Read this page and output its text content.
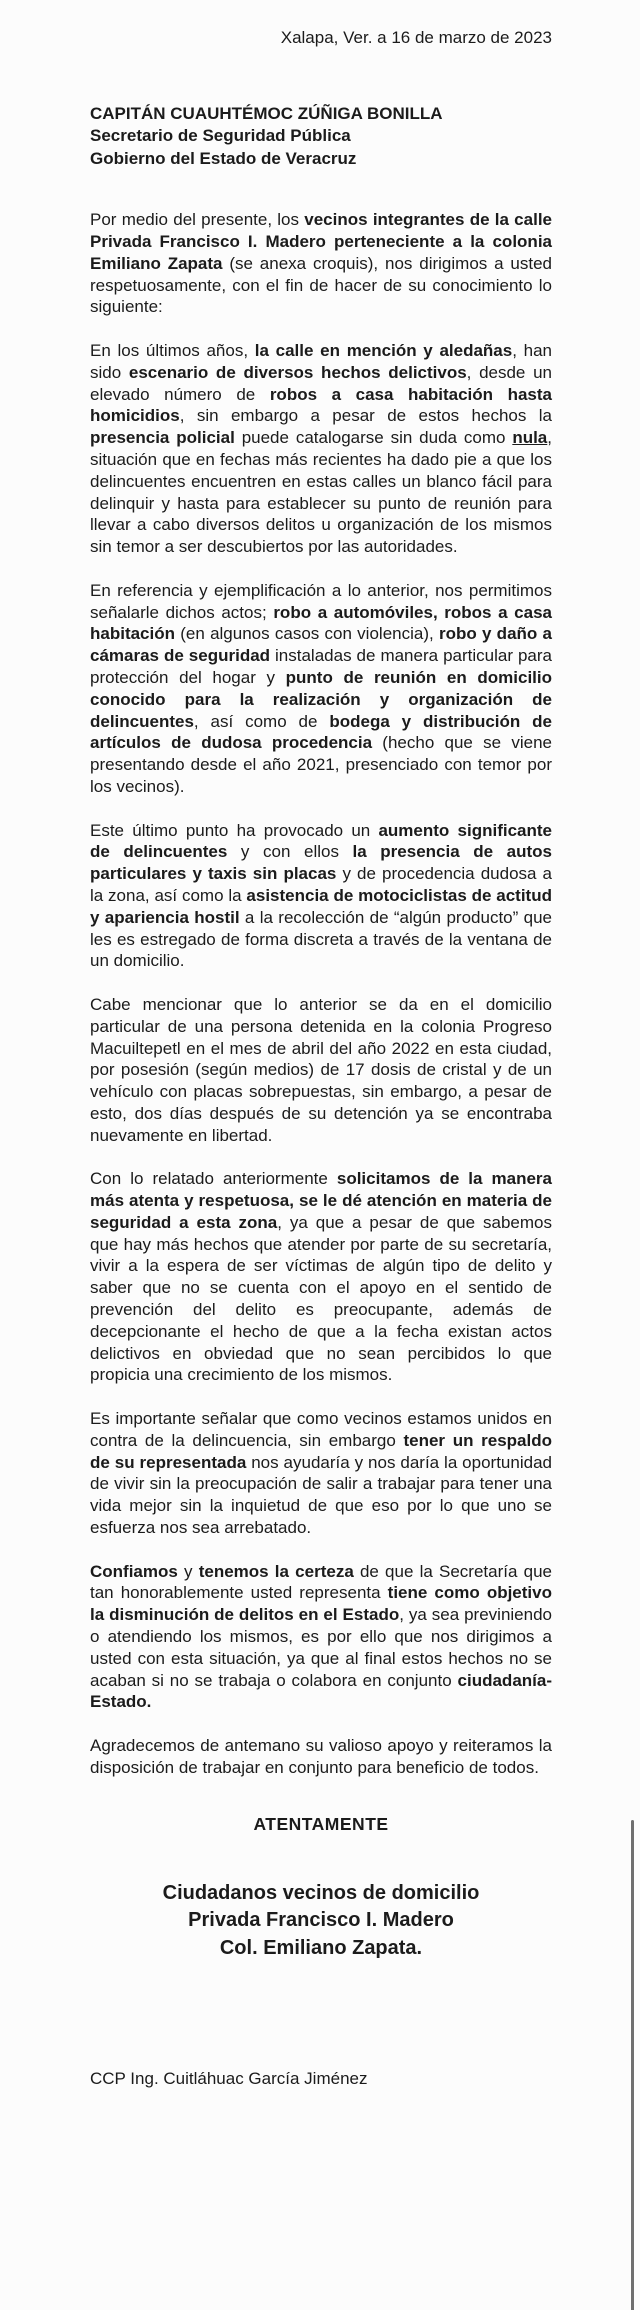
Xalapa, Ver. a 16 de marzo de 2023
CAPITÁN CUAUHTÉMOC ZÚÑIGA BONILLA
Secretario de Seguridad Pública
Gobierno del Estado de Veracruz

Por medio del presente, los vecinos integrantes de la calle Privada Francisco I. Madero perteneciente a la colonia Emiliano Zapata (se anexa croquis), nos dirigimos a usted respetuosamente, con el fin de hacer de su conocimiento lo siguiente:

En los últimos años, la calle en mención y aledañas, han sido escenario de diversos hechos delictivos, desde un elevado número de robos a casa habitación hasta homicidios, sin embargo a pesar de estos hechos la presencia policial puede catalogarse sin duda como nula, situación que en fechas más recientes ha dado pie a que los delincuentes encuentren en estas calles un blanco fácil para delinquir y hasta para establecer su punto de reunión para llevar a cabo diversos delitos u organización de los mismos sin temor a ser descubiertos por las autoridades.

En referencia y ejemplificación a lo anterior, nos permitimos señalarle dichos actos; robo a automóviles, robos a casa habitación (en algunos casos con violencia), robo y daño a cámaras de seguridad instaladas de manera particular para protección del hogar y punto de reunión en domicilio conocido para la realización y organización de delincuentes, así como de bodega y distribución de artículos de dudosa procedencia (hecho que se viene presentando desde el año 2021, presenciado con temor por los vecinos).

Este último punto ha provocado un aumento significante de delincuentes y con ellos la presencia de autos particulares y taxis sin placas y de procedencia dudosa a la zona, así como la asistencia de motociclistas de actitud y apariencia hostil a la recolección de “algún producto” que les es estregado de forma discreta a través de la ventana de un domicilio.

Cabe mencionar que lo anterior se da en el domicilio particular de una persona detenida en la colonia Progreso Macuiltepetl en el mes de abril del año 2022 en esta ciudad, por posesión (según medios) de 17 dosis de cristal y de un vehículo con placas sobrepuestas, sin embargo, a pesar de esto, dos días después de su detención ya se encontraba nuevamente en libertad.

Con lo relatado anteriormente solicitamos de la manera más atenta y respetuosa, se le dé atención en materia de seguridad a esta zona, ya que a pesar de que sabemos que hay más hechos que atender por parte de su secretaría, vivir a la espera de ser víctimas de algún tipo de delito y saber que no se cuenta con el apoyo en el sentido de prevención del delito es preocupante, además de decepcionante el hecho de que a la fecha existan actos delictivos en obviedad que no sean percibidos lo que propicia una crecimiento de los mismos.

Es importante señalar que como vecinos estamos unidos en contra de la delincuencia, sin embargo tener un respaldo de su representada nos ayudaría y nos daría la oportunidad de vivir sin la preocupación de salir a trabajar para tener una vida mejor sin la inquietud de que eso por lo que uno se esfuerza nos sea arrebatado.

Confiamos y tenemos la certeza de que la Secretaría que tan honorablemente usted representa tiene como objetivo la disminución de delitos en el Estado, ya sea previniendo o atendiendo los mismos, es por ello que nos dirigimos a usted con esta situación, ya que al final estos hechos no se acaban si no se trabaja o colabora en conjunto ciudadanía-Estado.

Agradecemos de antemano su valioso apoyo y reiteramos la disposición de trabajar en conjunto para beneficio de todos.

ATENTAMENTE
Ciudadanos vecinos de domicilio
Privada Francisco I. Madero
Col. Emiliano Zapata.
CCP Ing. Cuitláhuac García Jiménez
